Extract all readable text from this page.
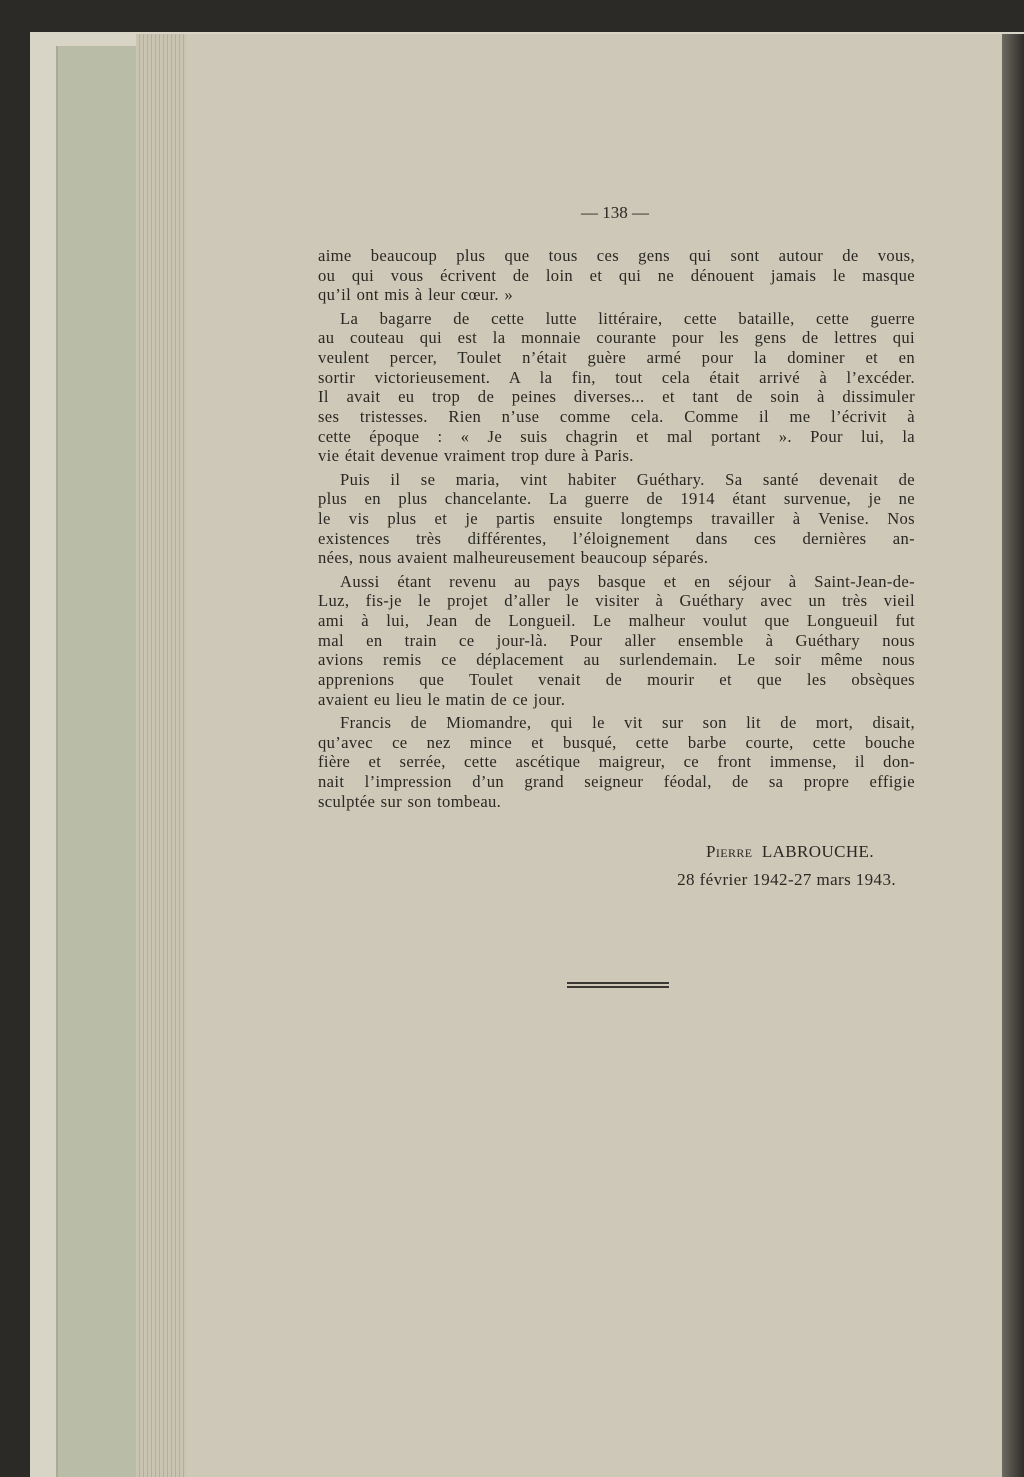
— 138 —
aime beaucoup plus que tous ces gens qui sont autour de vous,
ou qui vous écrivent de loin et qui ne dénouent jamais le masque
qu’il ont mis à leur cœur. »
La bagarre de cette lutte littéraire, cette bataille, cette guerre
au couteau qui est la monnaie courante pour les gens de lettres qui
veulent percer, Toulet n’était guère armé pour la dominer et en
sortir victorieusement. A la fin, tout cela était arrivé à l’excéder.
Il avait eu trop de peines diverses... et tant de soin à dissimuler
ses tristesses. Rien n’use comme cela. Comme il me l’écrivit à
cette époque : « Je suis chagrin et mal portant ». Pour lui, la
vie était devenue vraiment trop dure à Paris.
Puis il se maria, vint habiter Guéthary. Sa santé devenait de
plus en plus chancelante. La guerre de 1914 étant survenue, je ne
le vis plus et je partis ensuite longtemps travailler à Venise. Nos
existences très différentes, l’éloignement dans ces dernières an-
nées, nous avaient malheureusement beaucoup séparés.
Aussi étant revenu au pays basque et en séjour à Saint-Jean-de-
Luz, fis-je le projet d’aller le visiter à Guéthary avec un très vieil
ami à lui, Jean de Longueil. Le malheur voulut que Longueuil fut
mal en train ce jour-là. Pour aller ensemble à Guéthary nous
avions remis ce déplacement au surlendemain. Le soir même nous
apprenions que Toulet venait de mourir et que les obsèques
avaient eu lieu le matin de ce jour.
Francis de Miomandre, qui le vit sur son lit de mort, disait,
qu’avec ce nez mince et busqué, cette barbe courte, cette bouche
fière et serrée, cette ascétique maigreur, ce front immense, il don-
nait l’impression d’un grand seigneur féodal, de sa propre effigie
sculptée sur son tombeau.
Pierre LABROUCHE.
28 février 1942-27 mars 1943.
